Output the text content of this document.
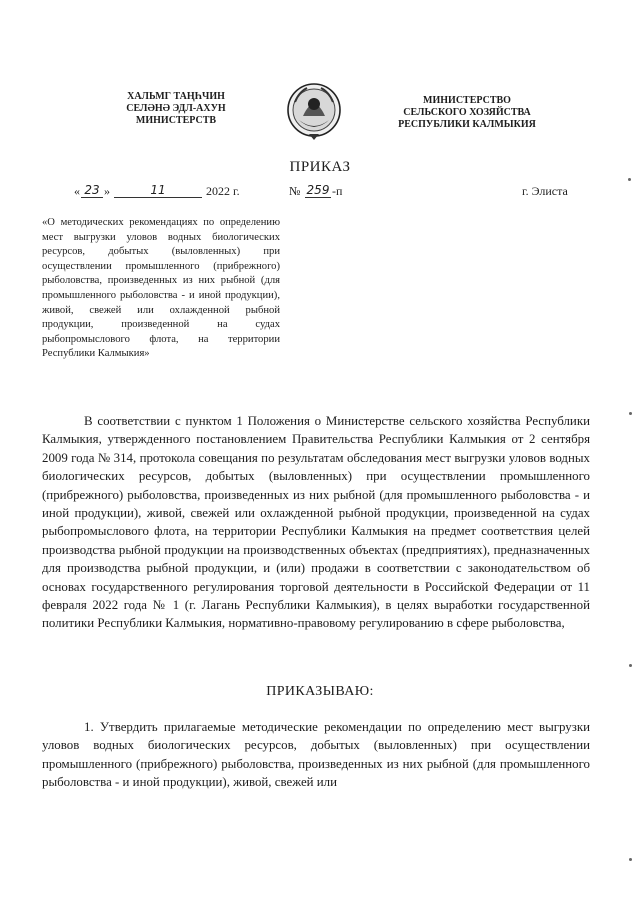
ХАЛЬМГ ТАҢҺЧИН
СЕЛӘНӘ ЭДЛ-АХУН
МИНИСТЕРСТВ
МИНИСТЕРСТВО
СЕЛЬСКОГО ХОЗЯЙСТВА
РЕСПУБЛИКИ КАЛМЫКИЯ
ПРИКАЗ
« 23 »	11	2022 г.	№ 259 -п	г. Элиста
«О методических рекомендациях по определению мест выгрузки уловов водных биологических ресурсов, добытых (выловленных) при осуществлении промышленного (прибрежного) рыболовства, произведенных из них рыбной (для промышленного рыболовства - и иной продукции), живой, свежей или охлажденной рыбной продукции, произведенной на судах рыбопромыслового флота, на территории Республики Калмыкия»

В соответствии с пунктом 1 Положения о Министерстве сельского хозяйства Республики Калмыкия, утвержденного постановлением Правительства Республики Калмыкия от 2 сентября 2009 года № 314, протокола совещания по результатам обследования мест выгрузки уловов водных биологических ресурсов, добытых (выловленных) при осуществлении промышленного (прибрежного) рыболовства, произведенных из них рыбной (для промышленного рыболовства - и иной продукции), живой, свежей или охлажденной рыбной продукции, произведенной на судах рыбопромыслового флота, на территории Республики Калмыкия на предмет соответствия целей производства рыбной продукции на производственных объектах (предприятиях), предназначенных для производства рыбной продукции, и (или) продажи в соответствии с законодательством об основах государственного регулирования торговой деятельности в Российской Федерации от 11 февраля 2022 года № 1 (г. Лагань Республики Калмыкия), в целях выработки государственной политики Республики Калмыкия, нормативно-правовому регулированию в сфере рыболовства,

ПРИКАЗЫВАЮ:

1. Утвердить прилагаемые методические рекомендации по определению мест выгрузки уловов водных биологических ресурсов, добытых (выловленных) при осуществлении промышленного (прибрежного) рыболовства, произведенных из них рыбной (для промышленного рыболовства - и иной продукции), живой, свежей или
